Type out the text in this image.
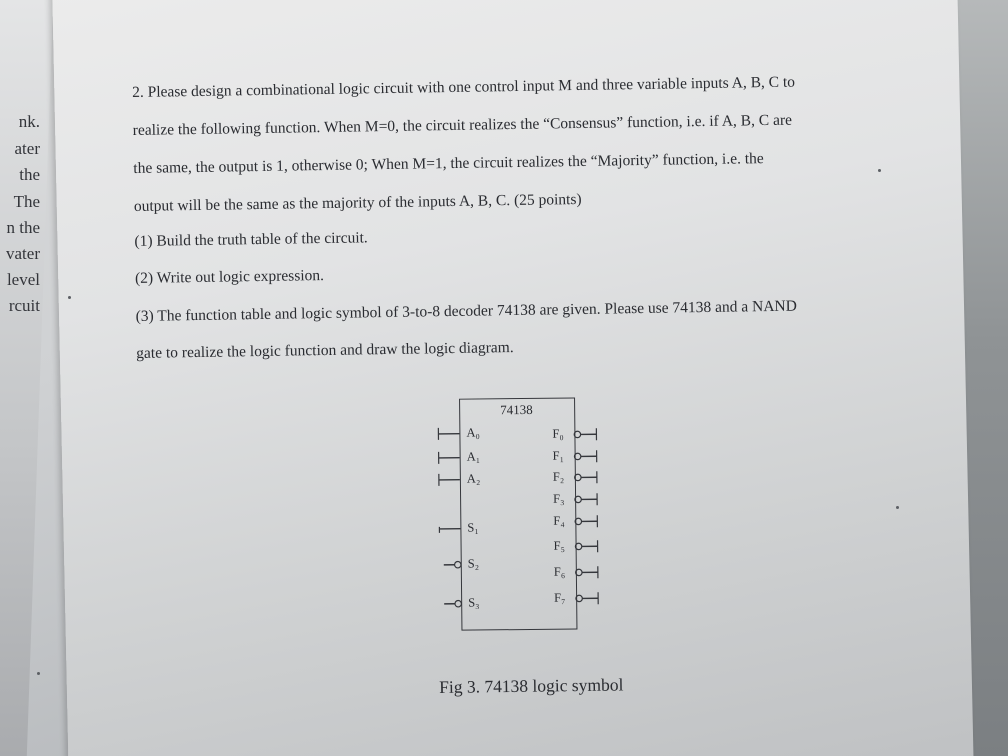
nk.
ater
the
The
n the
vater
level
rcuit
2. Please design a combinational logic circuit with one control input M and three variable inputs A, B, C to
realize the following function. When M=0, the circuit realizes the “Consensus” function, i.e. if A, B, C are
the same, the output is 1, otherwise 0; When M=1, the circuit realizes the “Majority” function, i.e. the
output will be the same as the majority of the inputs A, B, C. (25 points)
(1) Build the truth table of the circuit.
(2) Write out logic expression.
(3) The function table and logic symbol of 3-to-8 decoder 74138 are given. Please use 74138 and a NAND
gate to realize the logic function and draw the logic diagram.
74138
A₀
A₁
A₂
S₁
S₂
S₃
F₀
F₁
F₂
F₃
F₄
F₅
F₆
F₇
Fig 3. 74138 logic symbol
